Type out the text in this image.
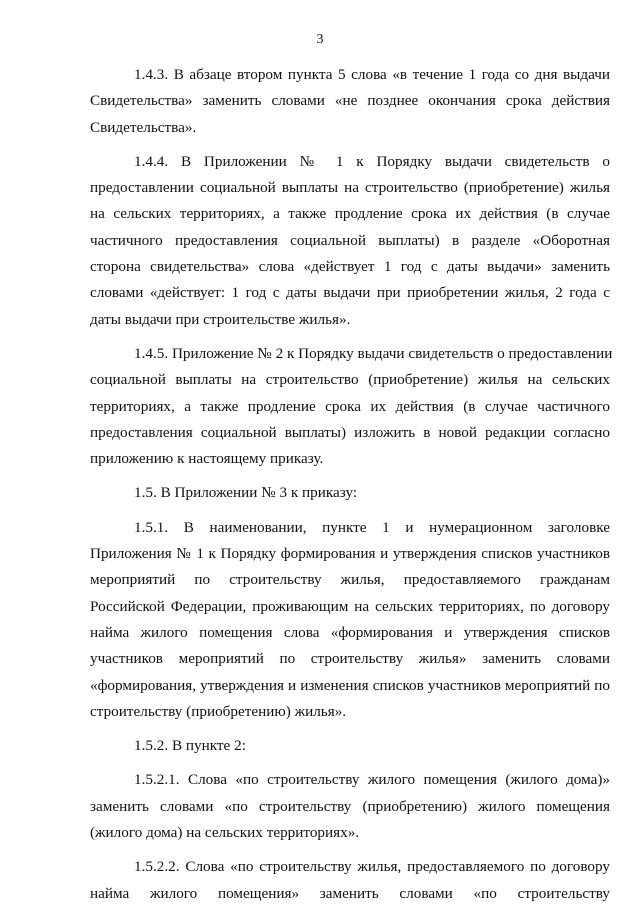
3
1.4.3. В абзаце втором пункта 5 слова «в течение 1 года со дня выдачи
Свидетельства» заменить словами «не позднее окончания срока действия
Свидетельства».
1.4.4. В Приложении № 1 к Порядку выдачи свидетельств о
предоставлении социальной выплаты на строительство (приобретение) жилья
на сельских территориях, а также продление срока их действия (в случае
частичного предоставления социальной выплаты) в разделе «Оборотная
сторона свидетельства» слова «действует 1 год с даты выдачи» заменить
словами «действует: 1 год с даты выдачи при приобретении жилья, 2 года с
даты выдачи при строительстве жилья».
1.4.5. Приложение № 2 к Порядку выдачи свидетельств о предоставлении
социальной выплаты на строительство (приобретение) жилья на сельских
территориях, а также продление срока их действия (в случае частичного
предоставления социальной выплаты) изложить в новой редакции согласно
приложению к настоящему приказу.
1.5. В Приложении № 3 к приказу:
1.5.1. В наименовании, пункте 1 и нумерационном заголовке
Приложения № 1 к Порядку формирования и утверждения списков участников
мероприятий по строительству жилья, предоставляемого гражданам
Российской Федерации, проживающим на сельских территориях, по договору
найма жилого помещения слова «формирования и утверждения списков
участников мероприятий по строительству жилья» заменить словами
«формирования, утверждения и изменения списков участников мероприятий по
строительству (приобретению) жилья».
1.5.2. В пункте 2:
1.5.2.1. Слова «по строительству жилого помещения (жилого дома)»
заменить словами «по строительству (приобретению) жилого помещения
(жилого дома) на сельских территориях».
1.5.2.2. Слова «по строительству жилья, предоставляемого по договору
найма жилого помещения» заменить словами «по строительству
